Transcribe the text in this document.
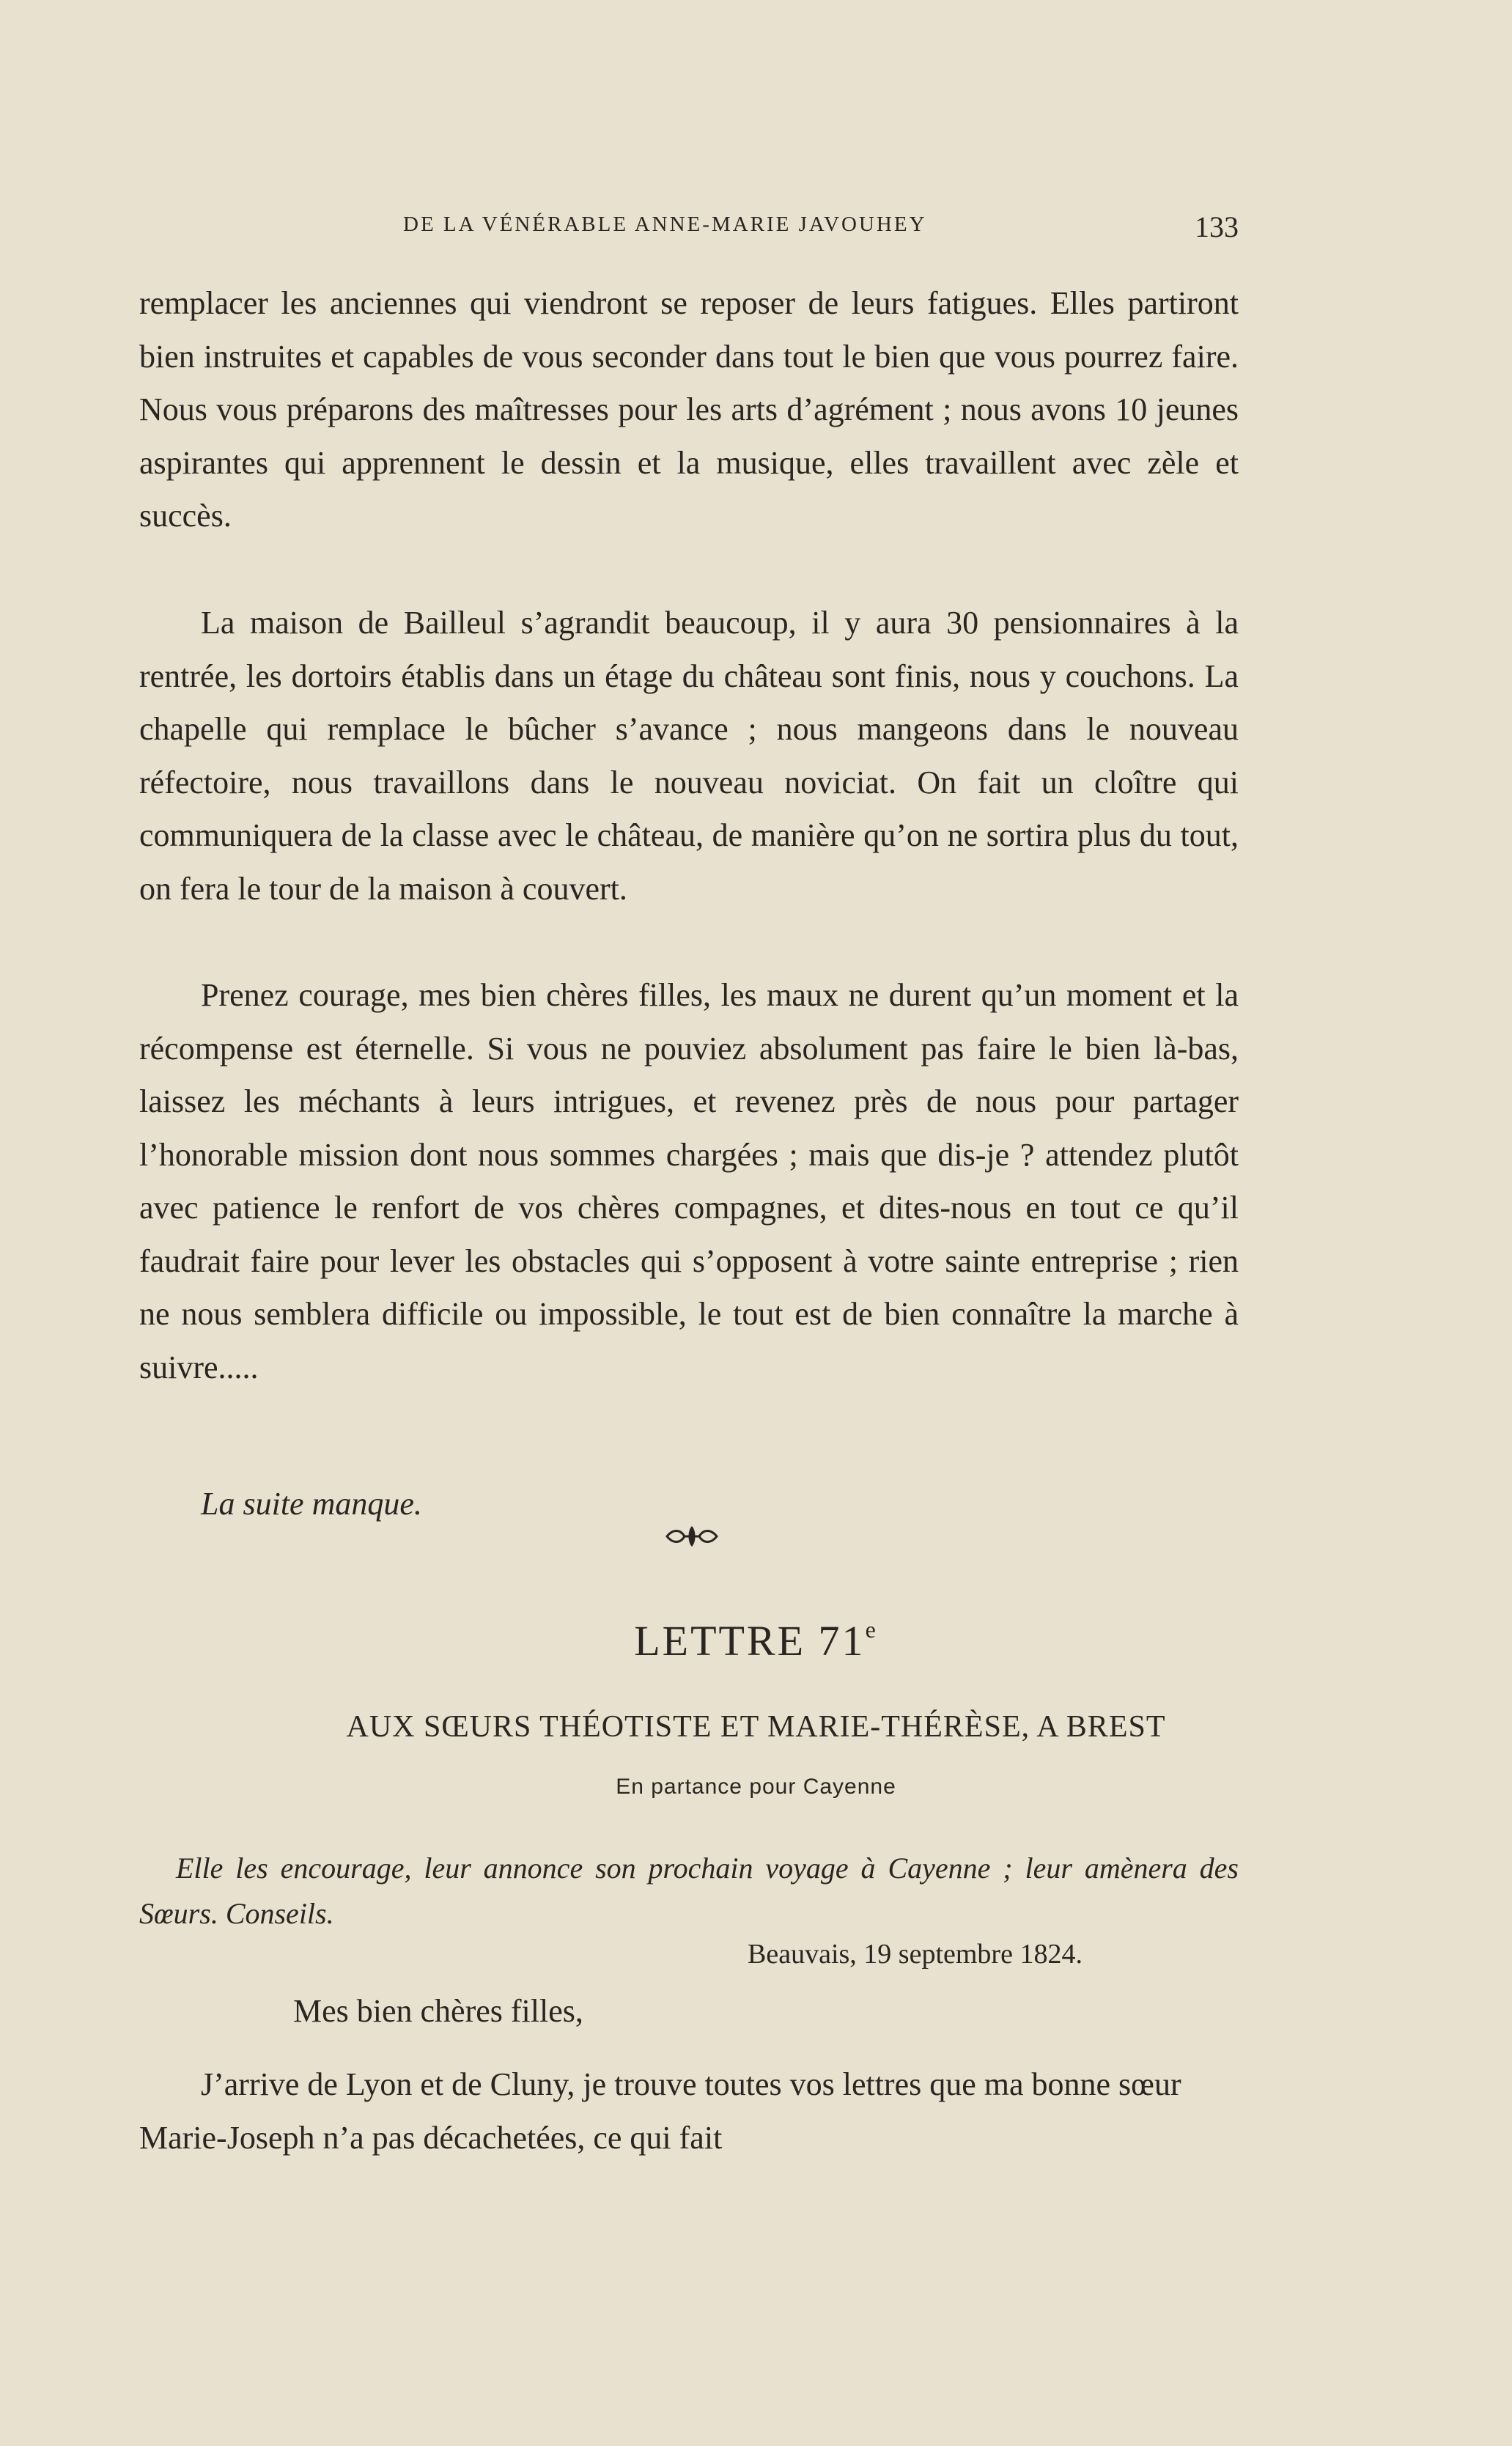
DE LA VÉNÉRABLE ANNE-MARIE JAVOUHEY	133

remplacer les anciennes qui viendront se reposer de leurs fatigues. Elles partiront bien instruites et capables de vous seconder dans tout le bien que vous pourrez faire. Nous vous préparons des maîtresses pour les arts d’agrément ; nous avons 10 jeunes aspirantes qui apprennent le dessin et la musique, elles travaillent avec zèle et succès.

La maison de Bailleul s’agrandit beaucoup, il y aura 30 pensionnaires à la rentrée, les dortoirs établis dans un étage du château sont finis, nous y couchons. La chapelle qui remplace le bûcher s’avance ; nous mangeons dans le nouveau réfectoire, nous travaillons dans le nouveau noviciat. On fait un cloître qui communiquera de la classe avec le château, de manière qu’on ne sortira plus du tout, on fera le tour de la maison à couvert.

Prenez courage, mes bien chères filles, les maux ne durent qu’un moment et la récompense est éternelle. Si vous ne pouviez absolument pas faire le bien là-bas, laissez les méchants à leurs intrigues, et revenez près de nous pour partager l’honorable mission dont nous sommes chargées ; mais que dis-je ? attendez plutôt avec patience le renfort de vos chères compagnes, et dites-nous en tout ce qu’il faudrait faire pour lever les obstacles qui s’opposent à votre sainte entreprise ; rien ne nous semblera difficile ou impossible, le tout est de bien connaître la marche à suivre.....

La suite manque.
LETTRE 71e
AUX SŒURS THÉOTISTE ET MARIE-THÉRÈSE, A BREST
En partance pour Cayenne

Elle les encourage, leur annonce son prochain voyage à Cayenne ; leur amènera des Sœurs. Conseils.

Beauvais, 19 septembre 1824.
Mes bien chères filles,

J’arrive de Lyon et de Cluny, je trouve toutes vos lettres que ma bonne sœur Marie-Joseph n’a pas décachetées, ce qui fait
